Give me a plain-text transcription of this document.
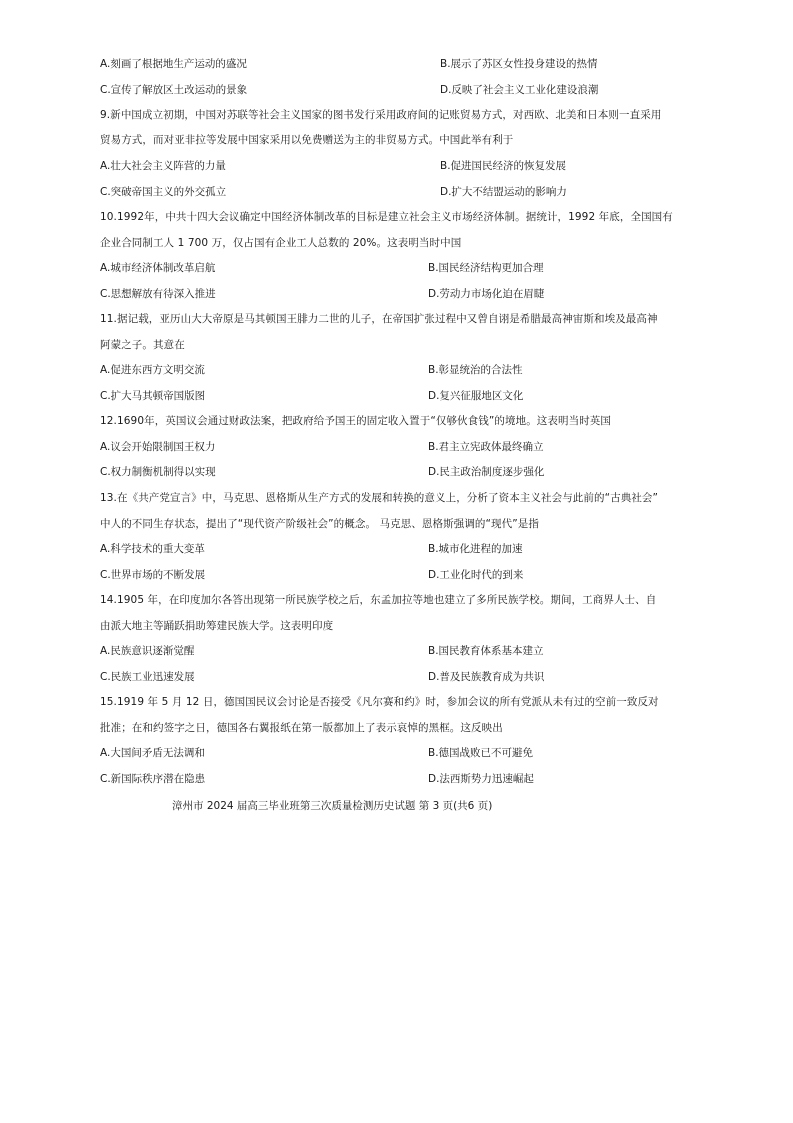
A.刻画了根据地生产运动的盛况	B.展示了苏区女性投身建设的热情
C.宣传了解放区土改运动的景象	D.反映了社会主义工业化建设浪潮
9.新中国成立初期，中国对苏联等社会主义国家的图书发行采用政府间的记账贸易方式，对西欧、北美和日本则一直采用
贸易方式，而对亚非拉等发展中国家采用以免费赠送为主的非贸易方式。中国此举有利于
A.壮大社会主义阵营的力量	B.促进国民经济的恢复发展
C.突破帝国主义的外交孤立	D.扩大不结盟运动的影响力
10.1992年，中共十四大会议确定中国经济体制改革的目标是建立社会主义市场经济体制。据统计，1992 年底，全国国有
企业合同制工人 1 700 万，仅占国有企业工人总数的 20%。这表明当时中国
A.城市经济体制改革启航	B.国民经济结构更加合理
C.思想解放有待深入推进	D.劳动力市场化迫在眉睫
11.据记载，亚历山大大帝原是马其顿国王腓力二世的儿子，在帝国扩张过程中又曾自诩是希腊最高神宙斯和埃及最高神
阿蒙之子。其意在
A.促进东西方文明交流	B.彰显统治的合法性
C.扩大马其顿帝国版图	D.复兴征服地区文化
12.1690年，英国议会通过财政法案，把政府给予国王的固定收入置于“仅够伙食钱”的境地。这表明当时英国
A.议会开始限制国王权力	B.君主立宪政体最终确立
C.权力制衡机制得以实现	D.民主政治制度逐步强化
13.在《共产党宣言》中，马克思、恩格斯从生产方式的发展和转换的意义上，分析了资本主义社会与此前的“古典社会”
中人的不同生存状态，提出了“现代资产阶级社会”的概念。 马克思、恩格斯强调的“现代”是指
A.科学技术的重大变革	B.城市化进程的加速
C.世界市场的不断发展	D.工业化时代的到来
14.1905 年，在印度加尔各答出现第一所民族学校之后，东孟加拉等地也建立了多所民族学校。期间，工商界人士、自
由派大地主等踊跃捐助筹建民族大学。这表明印度
A.民族意识逐渐觉醒	B.国民教育体系基本建立
C.民族工业迅速发展	D.普及民族教育成为共识
15.1919 年 5 月 12 日，德国国民议会讨论是否接受《凡尔赛和约》时，参加会议的所有党派从未有过的空前一致反对
批准；在和约签字之日，德国各右翼报纸在第一版都加上了表示哀悼的黑框。这反映出
A.大国间矛盾无法调和	B.德国战败已不可避免
C.新国际秩序潜在隐患	D.法西斯势力迅速崛起
漳州市 2024 届高三毕业班第三次质量检测历史试题 第 3 页(共6 页)
